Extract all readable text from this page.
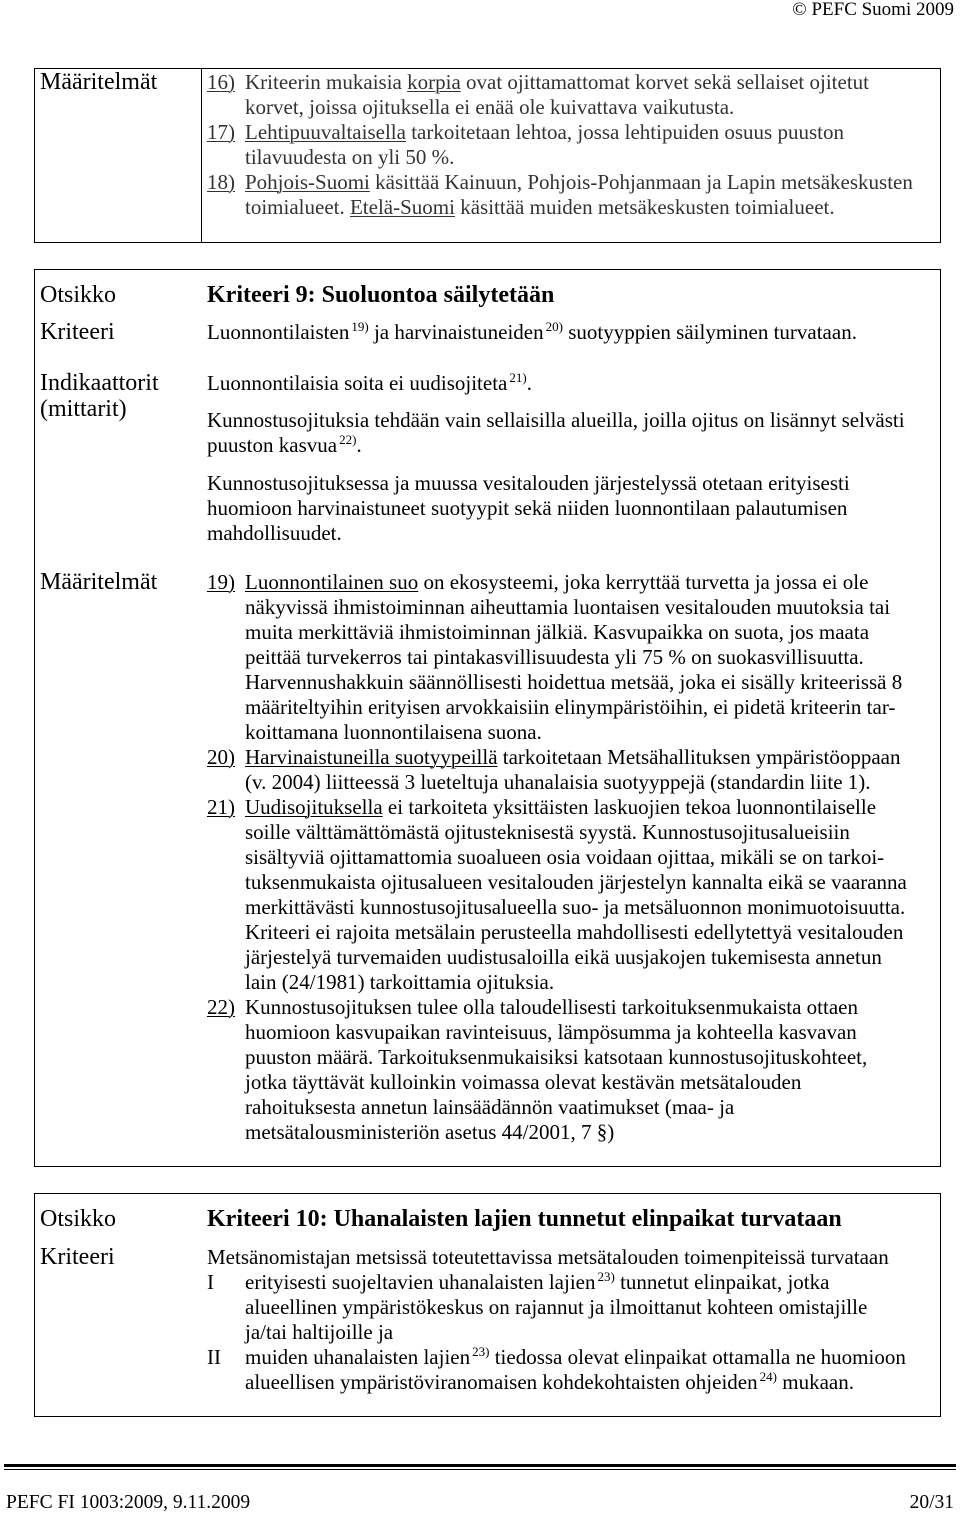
© PEFC Suomi 2009
Määritelmät 16) Kriteerin mukaisia korpia ovat ojittamattomat korvet sekä sellaiset ojitetut
korvet, joissa ojituksella ei enää ole kuivattava vaikutusta.
17) Lehtipuuvaltaisella tarkoitetaan lehtoa, jossa lehtipuiden osuus puuston
tilavuudesta on yli 50 %.
18) Pohjois-Suomi käsittää Kainuun, Pohjois-Pohjanmaan ja Lapin metsäkeskusten
toimialueet. Etelä-Suomi käsittää muiden metsäkeskusten toimialueet.
Otsikko	Kriteeri 9: Suoluontoa säilytetään
Kriteeri	Luonnontilaisten $^{19)}$ ja harvinaistuneiden $^{20)}$ suotyyppien säilyminen turvataan.
Indikaattorit
(mittarit)
Luonnontilaisia soita ei uudisojiteta $^{21)}$.
Kunnostusojituksia tehdään vain sellaisilla alueilla, joilla ojitus on lisännyt selvästi
puuston kasvua $^{22)}$.
Kunnostusojituksessa ja muussa vesitalouden järjestelyssä otetaan erityisesti
huomioon harvinaistuneet suotyypit sekä niiden luonnontilaan palautumisen
mahdollisuudet.
Määritelmät 19) Luonnontilainen suo on ekosysteemi, joka kerryttää turvetta ja jossa ei ole
näkyvissä ihmistoiminnan aiheuttamia luontaisen vesitalouden muutoksia tai
muita merkittäviä ihmistoiminnan jälkiä. Kasvupaikka on suota, jos maata
peittää turvekerros tai pintakasvillisuudesta yli 75 % on suokasvillisuutta.
Harvennushakkuin säännöllisesti hoidettua metsää, joka ei sisälly kriteerissä 8
määriteltyihin erityisen arvokkaisiin elinympäristöihin, ei pidetä kriteerin tar-
koittamana luonnontilaisena suona.
20) Harvinaistuneilla suotyypeillä tarkoitetaan Metsähallituksen ympäristöoppaan
(v. 2004) liitteessä 3 lueteltuja uhanalaisia suotyyppejä (standardin liite 1).
21) Uudisojituksella ei tarkoiteta yksittäisten laskuojien tekoa luonnontilaiselle
soille välttämättömästä ojitusteknisestä syystä. Kunnostusojitusalueisiin
sisältyviä ojittamattomia suoalueen osia voidaan ojittaa, mikäli se on tarkoi-
tuksenmukaista ojitusalueen vesitalouden järjestelyn kannalta eikä se vaaranna
merkittävästi kunnostusojitusalueella suo- ja metsäluonnon monimuotoisuutta.
Kriteeri ei rajoita metsälain perusteella mahdollisesti edellytettyä vesitalouden
järjestelyä turvemaiden uudistusaloilla eikä uusjakojen tukemisesta annetun
lain (24/1981) tarkoittamia ojituksia.
22) Kunnostusojituksen tulee olla taloudellisesti tarkoituksenmukaista ottaen
huomioon kasvupaikan ravinteisuus, lämpösumma ja kohteella kasvavan
puuston määrä. Tarkoituksenmukaisiksi katsotaan kunnostusojituskohteet,
jotka täyttävät kulloinkin voimassa olevat kestävän metsätalouden
rahoituksesta annetun lainsäädännön vaatimukset (maa- ja
metsätalousministeriön asetus 44/2001, 7 §)
Otsikko	Kriteeri 10: Uhanalaisten lajien tunnetut elinpaikat turvataan
Kriteeri	Metsänomistajan metsissä toteutettavissa metsätalouden toimenpiteissä turvataan
I erityisesti suojeltavien uhanalaisten lajien $^{23)}$ tunnetut elinpaikat, jotka
alueellinen ympäristökeskus on rajannut ja ilmoittanut kohteen omistajille
ja/tai haltijoille ja
II muiden uhanalaisten lajien $^{23)}$ tiedossa olevat elinpaikat ottamalla ne huomioon
alueellisen ympäristöviranomaisen kohdekohtaisten ohjeiden $^{24)}$ mukaan.
PEFC FI 1003:2009, 9.11.2009	20/31
